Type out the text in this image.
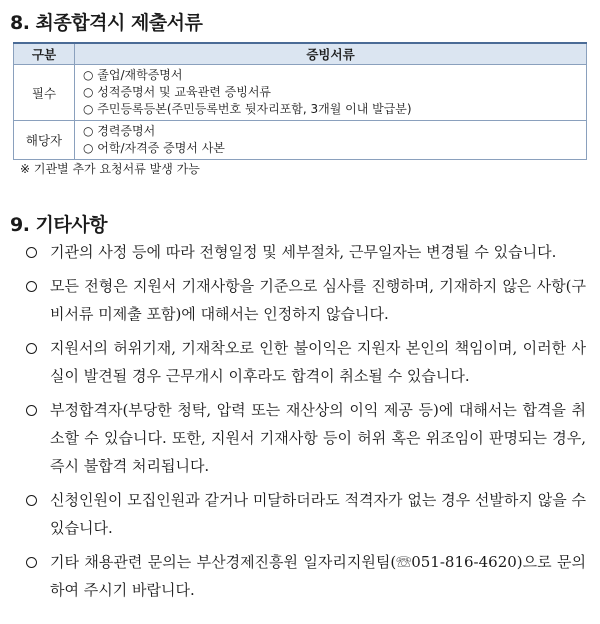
8. 최종합격시 제출서류
구분	증빙서류
필수	○ 졸업/재학증명서
○ 성적증명서 및 교육관련 증빙서류
○ 주민등록등본(주민등록번호 뒷자리포함, 3개월 이내 발급분)

해당자	○ 경력증명서
○ 어학/자격증 증명서 사본
※ 기관별 추가 요청서류 발생 가능
9. 기타사항
기관의 사정 등에 따라 전형일정 및 세부절차, 근무일자는 변경될 수 있습니다.
모든 전형은 지원서 기재사항을 기준으로 심사를 진행하며, 기재하지 않은 사항(구비서류 미제출 포함)에 대해서는 인정하지 않습니다.
지원서의 허위기재, 기재착오로 인한 불이익은 지원자 본인의 책임이며, 이러한 사실이 발견될 경우 근무개시 이후라도 합격이 취소될 수 있습니다.
부정합격자(부당한 청탁, 압력 또는 재산상의 이익 제공 등)에 대해서는 합격을 취소할 수 있습니다. 또한, 지원서 기재사항 등이 허위 혹은 위조임이 판명되는 경우, 즉시 불합격 처리됩니다.
신청인원이 모집인원과 같거나 미달하더라도 적격자가 없는 경우 선발하지 않을 수 있습니다.
기타 채용관련 문의는 부산경제진흥원 일자리지원팀(☏051-816-4620)으로 문의하여 주시기 바랍니다.
